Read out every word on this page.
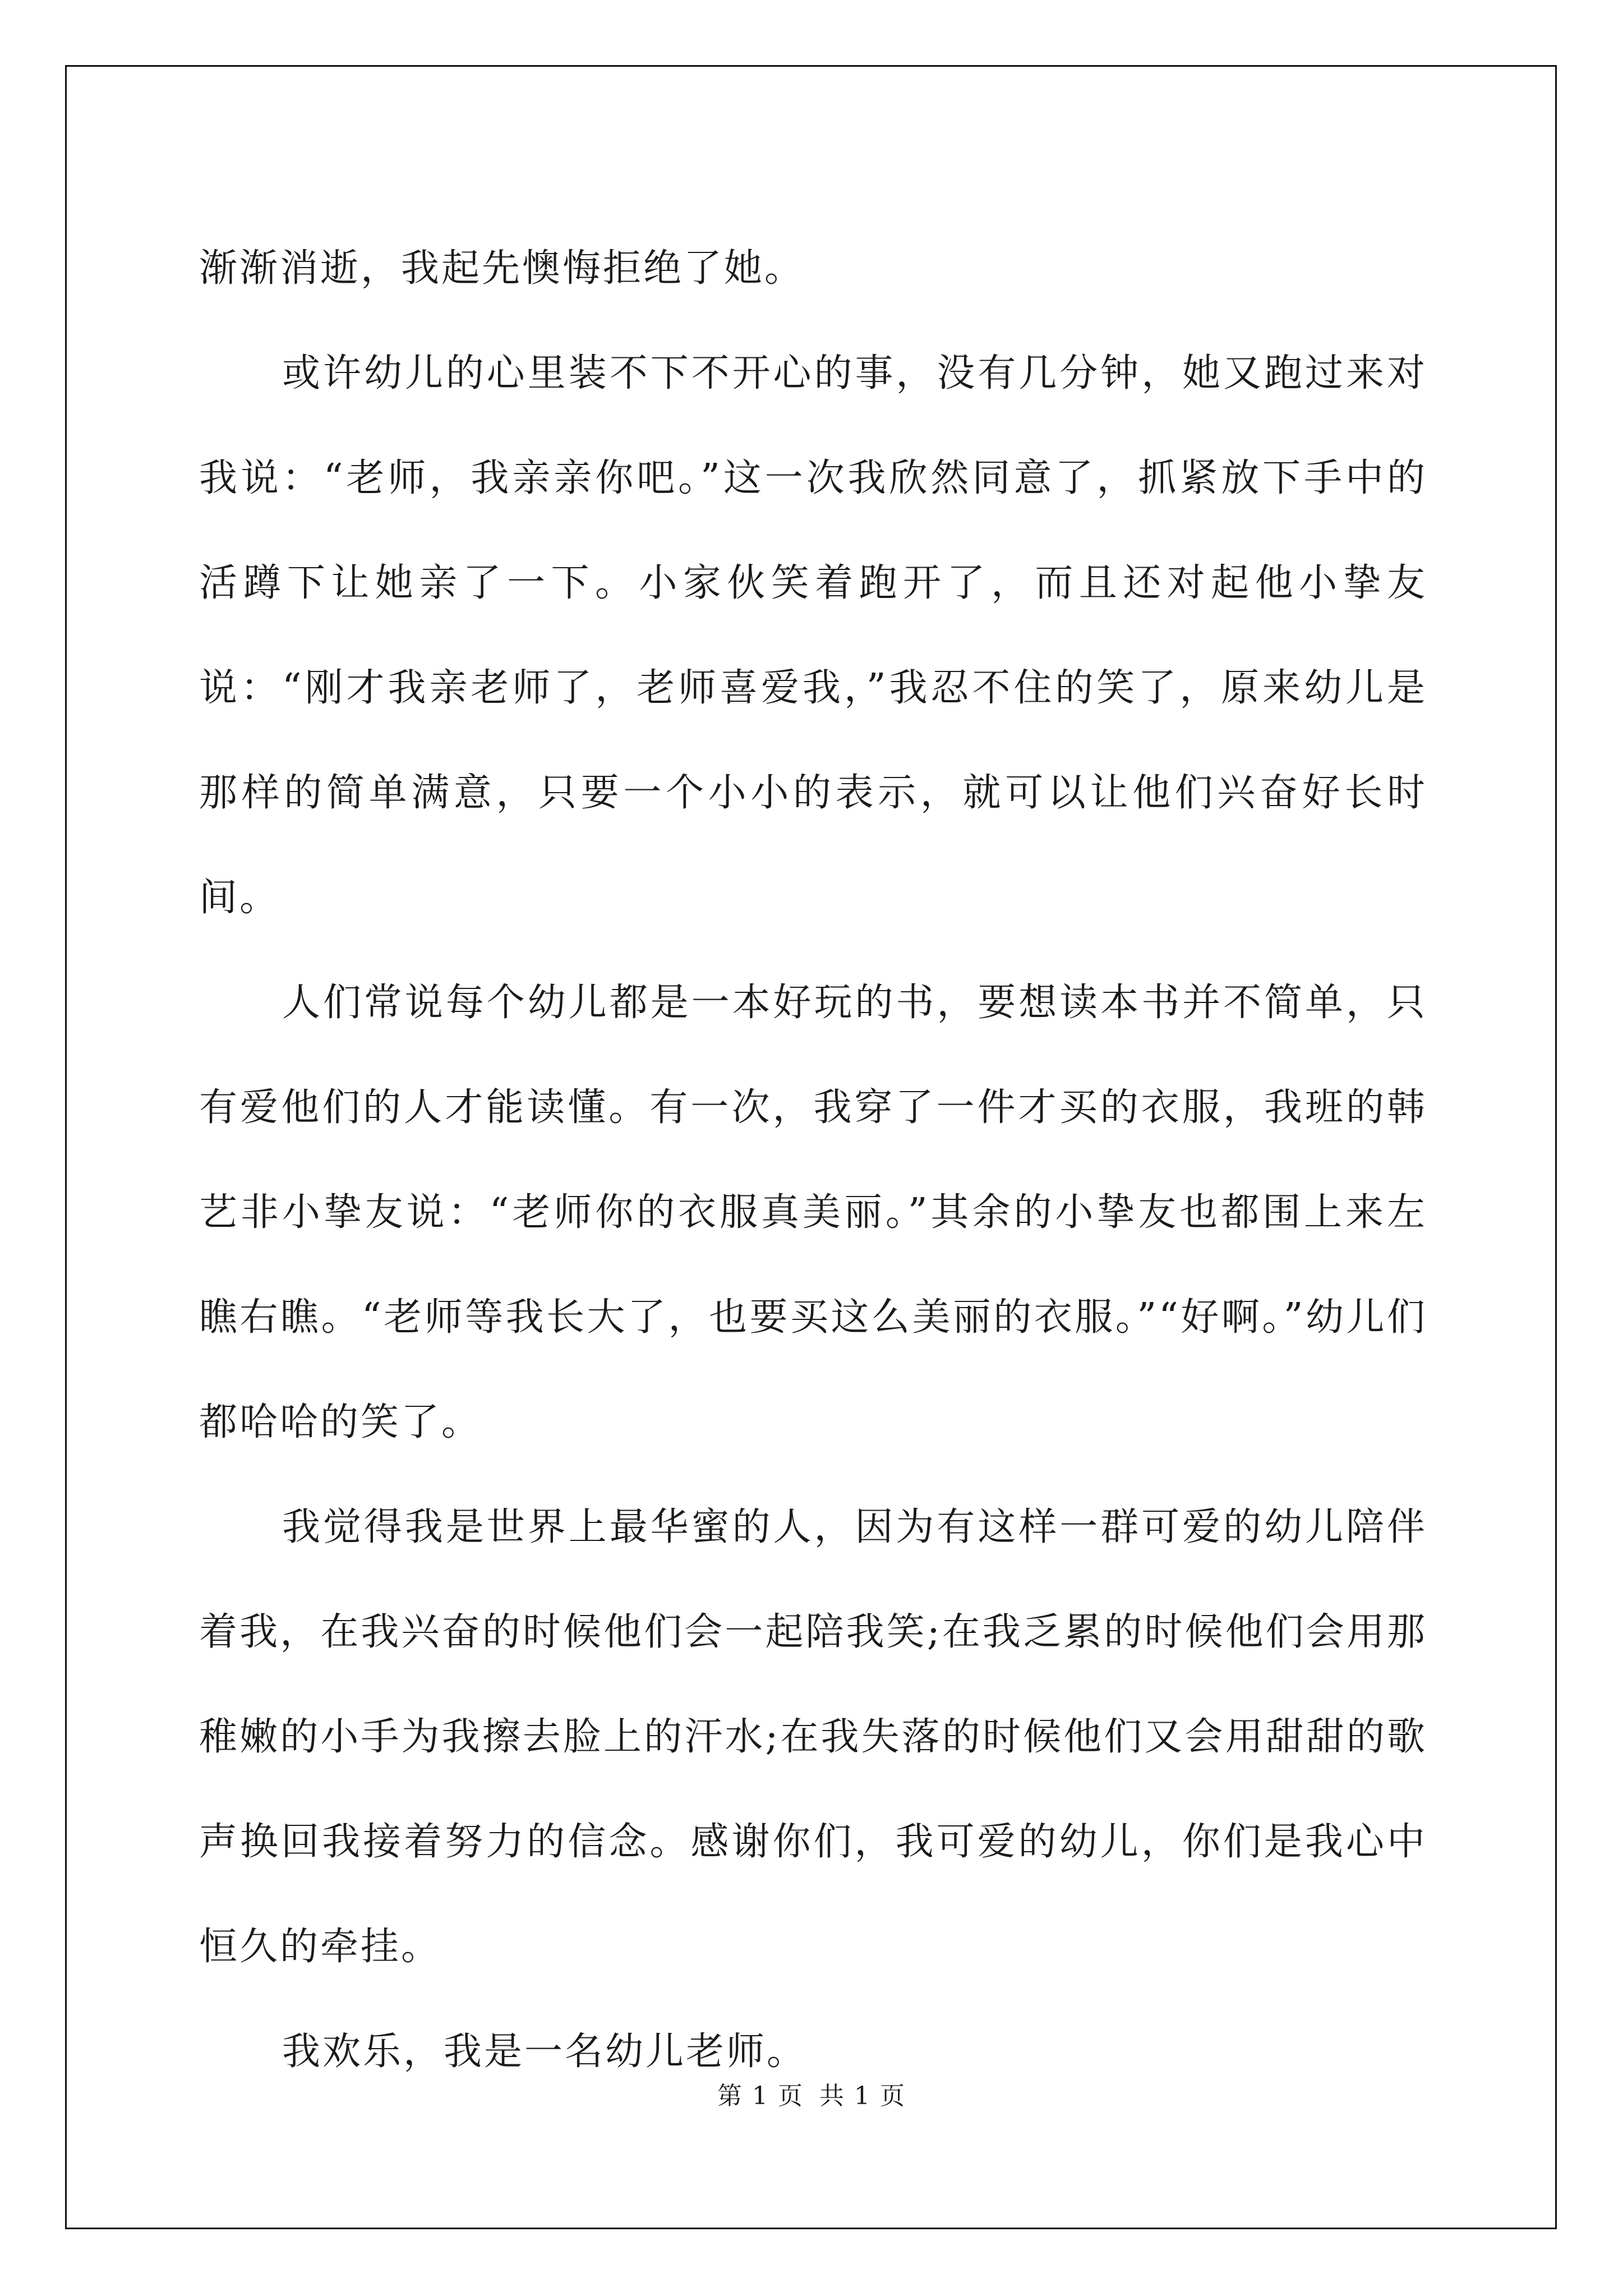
渐渐消逝，我起先懊悔拒绝了她。

或许幼儿的心里装不下不开心的事，没有几分钟，她又跑过来对我说：“老师，我亲亲你吧。”这一次我欣然同意了，抓紧放下手中的活蹲下让她亲了一下。小家伙笑着跑开了，而且还对起他小挚友说：“刚才我亲老师了，老师喜爱我，”我忍不住的笑了，原来幼儿是那样的简单满意，只要一个小小的表示，就可以让他们兴奋好长时间。

人们常说每个幼儿都是一本好玩的书，要想读本书并不简单，只有爱他们的人才能读懂。有一次，我穿了一件才买的衣服，我班的韩艺非小挚友说：“老师你的衣服真美丽。”其余的小挚友也都围上来左瞧右瞧。“老师等我长大了，也要买这么美丽的衣服。”“好啊。”幼儿们都哈哈的笑了。

我觉得我是世界上最华蜜的人，因为有这样一群可爱的幼儿陪伴着我，在我兴奋的时候他们会一起陪我笑;在我乏累的时候他们会用那稚嫩的小手为我擦去脸上的汗水;在我失落的时候他们又会用甜甜的歌声换回我接着努力的信念。感谢你们，我可爱的幼儿，你们是我心中恒久的牵挂。

我欢乐，我是一名幼儿老师。

第 1 页 共 1 页
